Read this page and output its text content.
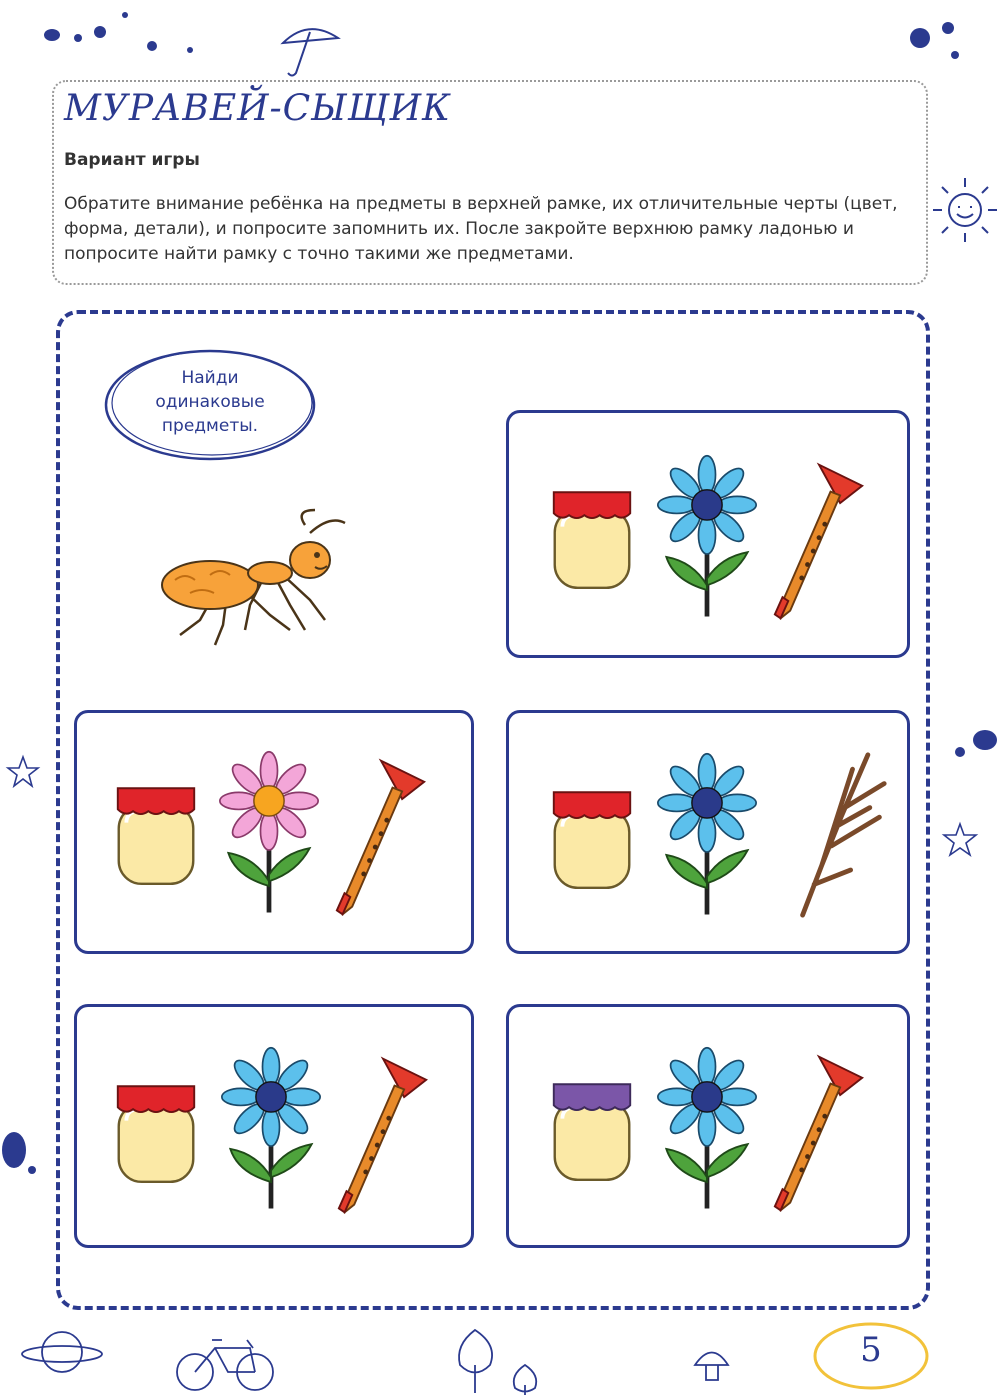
МУРАВЕЙ-СЫЩИК
Вариант игры
Обратите внимание ребёнка на предметы в верхней рамке, их отличительные черты (цвет, форма, детали), и попросите запомнить их. После закройте верхнюю рамку ладонью и попросите найти рамку с точно такими же предметами.
Найди
одинаковые
предметы.
5
